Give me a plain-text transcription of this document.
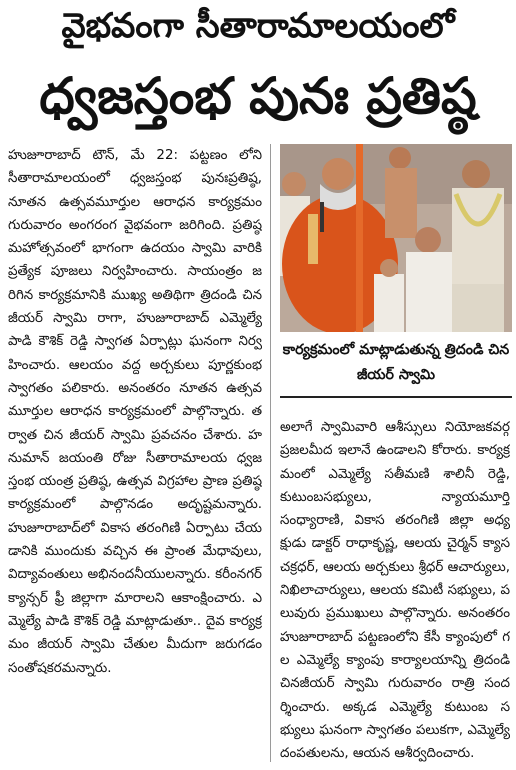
వైభవంగా సీతారామాలయంలో
ధ్వజస్తంభ పునః ప్రతిష్ఠ
హుజూరాబాద్ టౌన్, మే 22: పట్టణం లోని సీతారామాలయంలో ధ్వజస్తంభ పునఃప్రతిష్ఠ, నూతన ఉత్సవమూర్తుల ఆరాధన కార్యక్రమం గురువారం అంగరంగ వైభవంగా జరిగింది. ప్రతిష్ఠ మహోత్సవంలో భాగంగా ఉదయం స్వామి వారికి ప్రత్యేక పూజలు నిర్వహించారు. సాయంత్రం జరిగిన కార్యక్రమానికి ముఖ్య అతిథిగా త్రిదండి చినజీయర్ స్వామి రాగా, హుజూరాబాద్ ఎమ్మెల్యే పాడి కౌశిక్ రెడ్డి స్వాగత ఏర్పాట్లు ఘనంగా నిర్వహించారు. ఆలయం వద్ద అర్చకులు పూర్ణకుంభ స్వాగతం పలికారు. అనంతరం నూతన ఉత్సవమూర్తుల ఆరాధన కార్యక్రమంలో పాల్గొన్నారు. తర్వాత చిన జీయర్ స్వామి ప్రవచనం చేశారు. హనుమాన్ జయంతి రోజు సీతారామాలయ ధ్వజస్తంభ యంత్ర ప్రతిష్ఠ, ఉత్సవ విగ్రహాల ప్రాణ ప్రతిష్ఠ కార్యక్రమంలో పాల్గొనడం అదృష్టమన్నారు. హుజూరాబాద్‌లో వికాస తరంగిణి ఏర్పాటు చేయడానికి ముందుకు వచ్చిన ఈ ప్రాంత మేధావులు, విద్యావంతులు అభినందనీయులన్నారు. కరీంనగర్ క్యాన్సర్ ఫ్రీ జిల్లాగా మారాలని ఆకాంక్షించారు. ఎమ్మెల్యే పాడి కౌశిక్ రెడ్డి మాట్లాడుతూ.. దైవ కార్యక్రమం జీయర్ స్వామి చేతుల మీదుగా జరుగడం సంతోషకరమన్నారు.
కార్యక్రమంలో మాట్లాడుతున్న త్రిదండి చిన జీయర్ స్వామి
అలాగే స్వామివారి ఆశీస్సులు నియోజకవర్గ ప్రజలమీద ఇలానే ఉండాలని కోరారు. కార్యక్రమంలో ఎమ్మెల్యే సతీమణి శాలినీ రెడ్డి, కుటుంబసభ్యులు, న్యాయమూర్తి సంధ్యారాణి, వికాస తరంగిణి జిల్లా అధ్యక్షుడు డాక్టర్ రాధాకృష్ణ, ఆలయ చైర్మన్ క్యాస చక్రధర్, ఆలయ అర్చకులు శ్రీధర్ ఆచార్యులు, నిఖిలాచార్యులు, ఆలయ కమిటీ సభ్యులు, పలువురు ప్రముఖులు పాల్గొన్నారు. అనంతరం హుజూరాబాద్ పట్టణంలోని కేసీ క్యాంపులో గల ఎమ్మెల్యే క్యాంపు కార్యాలయాన్ని త్రిదండి చినజీయర్ స్వామి గురువారం రాత్రి సందర్శించారు. అక్కడ ఎమ్మెల్యే కుటుంబ సభ్యులు ఘనంగా స్వాగతం పలుకగా, ఎమ్మెల్యే దంపతులను, ఆయన ఆశీర్వదించారు.
